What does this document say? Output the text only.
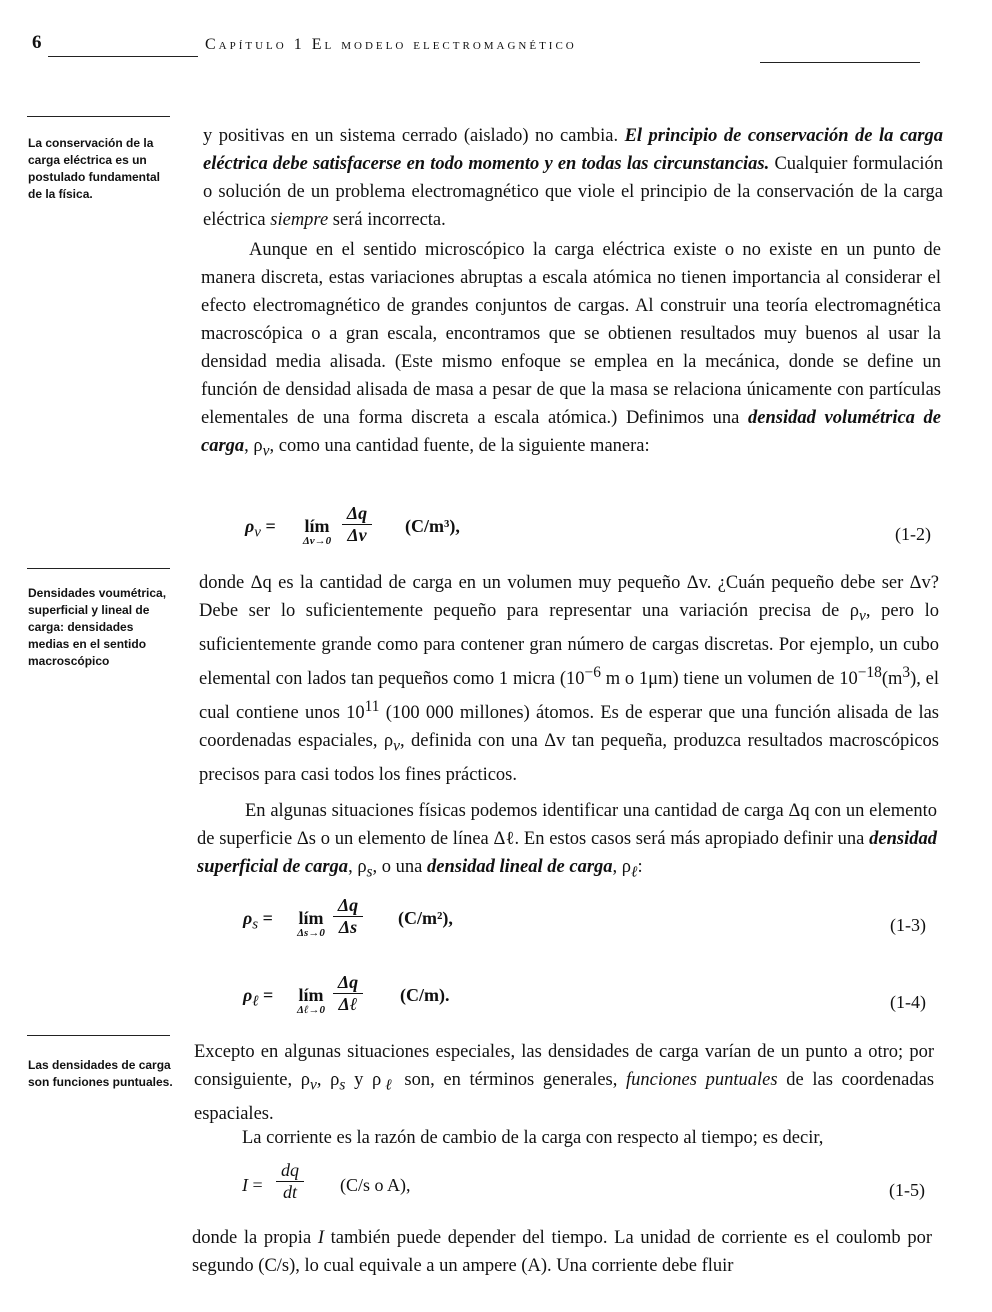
6	Capítulo 1 El modelo electromagnético
La conservación de la carga eléctrica es un postulado fundamental de la física.
Densidades voumétrica, superficial y lineal de carga: densidades medias en el sentido macroscópico
Las densidades de carga son funciones puntuales.

y positivas en un sistema cerrado (aislado) no cambia. El principio de conservación de la carga eléctrica debe satisfacerse en todo momento y en todas las circunstancias. Cualquier formulación o solución de un problema electromagnético que viole el principio de la conservación de la carga eléctrica siempre será incorrecta.

Aunque en el sentido microscópico la carga eléctrica existe o no existe en un punto de manera discreta, estas variaciones abruptas a escala atómica no tienen importancia al considerar el efecto electromagnético de grandes conjuntos de cargas. Al construir una teoría electromagnética macroscópica o a gran escala, encontramos que se obtienen resultados muy buenos al usar la densidad media alisada. (Este mismo enfoque se emplea en la mecánica, donde se define un función de densidad alisada de masa a pesar de que la masa se relaciona únicamente con partículas elementales de una forma discreta a escala atómica.) Definimos una densidad volumétrica de carga, $\rho_v$, como una cantidad fuente, de la siguiente manera:

$\rho_v$ =	lím
$\Delta v\to 0 \frac{\Delta q}{\Delta v} (C/m^3)$,	(1-2)

donde Δq es la cantidad de carga en un volumen muy pequeño Δv. ¿Cuán pequeño debe ser Δv? Debe ser lo suficientemente pequeño para representar una variación precisa de $\rho_v$, pero lo suficientemente grande como para contener gran número de cargas discretas. Por ejemplo, un cubo elemental con lados tan pequeños como 1 micra ($10^{-6}$ m o 1μm) tiene un volumen de $10^{-18}(m^3)$, el cual contiene unos $10^{11}$ (100 000 millones) átomos. Es de esperar que una función alisada de las coordenadas espaciales, $\rho_v$, definida con una Δv tan pequeña, produzca resultados macroscópicos precisos para casi todos los fines prácticos.

En algunas situaciones físicas podemos identificar una cantidad de carga Δq con un elemento de superficie Δs o un elemento de línea Δℓ. En estos casos será más apropiado definir una densidad superficial de carga, $\rho_s$, o una densidad lineal de carga, $\rho_\ell$:

$\rho_s$ =	lím
$\Delta s\to 0 \frac{\Delta q}{\Delta s} (C/m^2)$,	(1-3)
$\rho_\ell$ =	lím
Δℓ→0
Δq
Δℓ	(C/m).	(1-4)

Excepto en algunas situaciones especiales, las densidades de carga varían de un punto a otro; por consiguiente, $\rho_v$, $\rho_s$ y $\rho_\ell$ son, en términos generales, funciones puntuales de las coordenadas espaciales.

La corriente es la razón de cambio de la carga con respecto al tiempo; es decir,

$I = \frac{dq}{dt} (C/s$ o A),	(1-5)

donde la propia I también puede depender del tiempo. La unidad de corriente es el coulomb por segundo (C/s), lo cual equivale a un ampere (A). Una corriente debe fluir
